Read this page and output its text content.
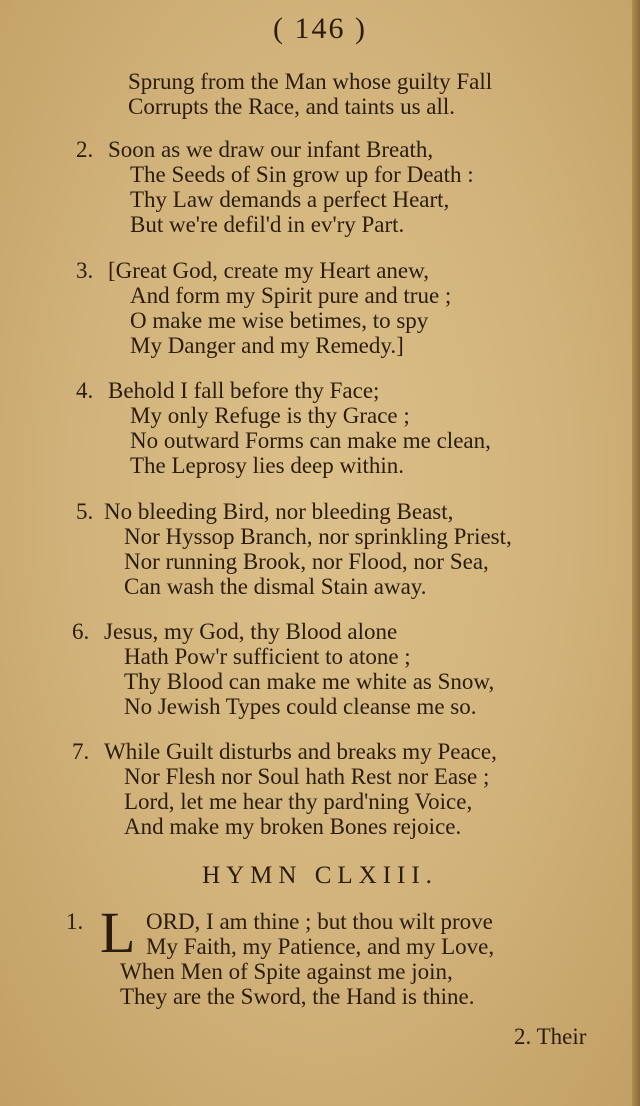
( 146 )
Sprung from the Man whose guilty Fall
Corrupts the Race, and taints us all.
2. Soon as we draw our infant Breath,
The Seeds of Sin grow up for Death :
Thy Law demands a perfect Heart,
But we're defil'd in ev'ry Part.
3. [Great God, create my Heart anew,
And form my Spirit pure and true ;
O make me wise betimes, to spy
My Danger and my Remedy.]
4. Behold I fall before thy Face;
My only Refuge is thy Grace ;
No outward Forms can make me clean,
The Leprosy lies deep within.
5. No bleeding Bird, nor bleeding Beast,
Nor Hyssop Branch, nor sprinkling Priest,
Nor running Brook, nor Flood, nor Sea,
Can wash the dismal Stain away.
6. Jesus, my God, thy Blood alone
Hath Pow'r sufficient to atone ;
Thy Blood can make me white as Snow,
No Jewish Types could cleanse me so.
7. While Guilt disturbs and breaks my Peace,
Nor Flesh nor Soul hath Rest nor Ease ;
Lord, let me hear thy pard'ning Voice,
And make my broken Bones rejoice.
HYMN CLXIII.
1. L ORD, I am thine ; but thou wilt prove
My Faith, my Patience, and my Love,
When Men of Spite against me join,
They are the Sword, the Hand is thine.
2. Their
